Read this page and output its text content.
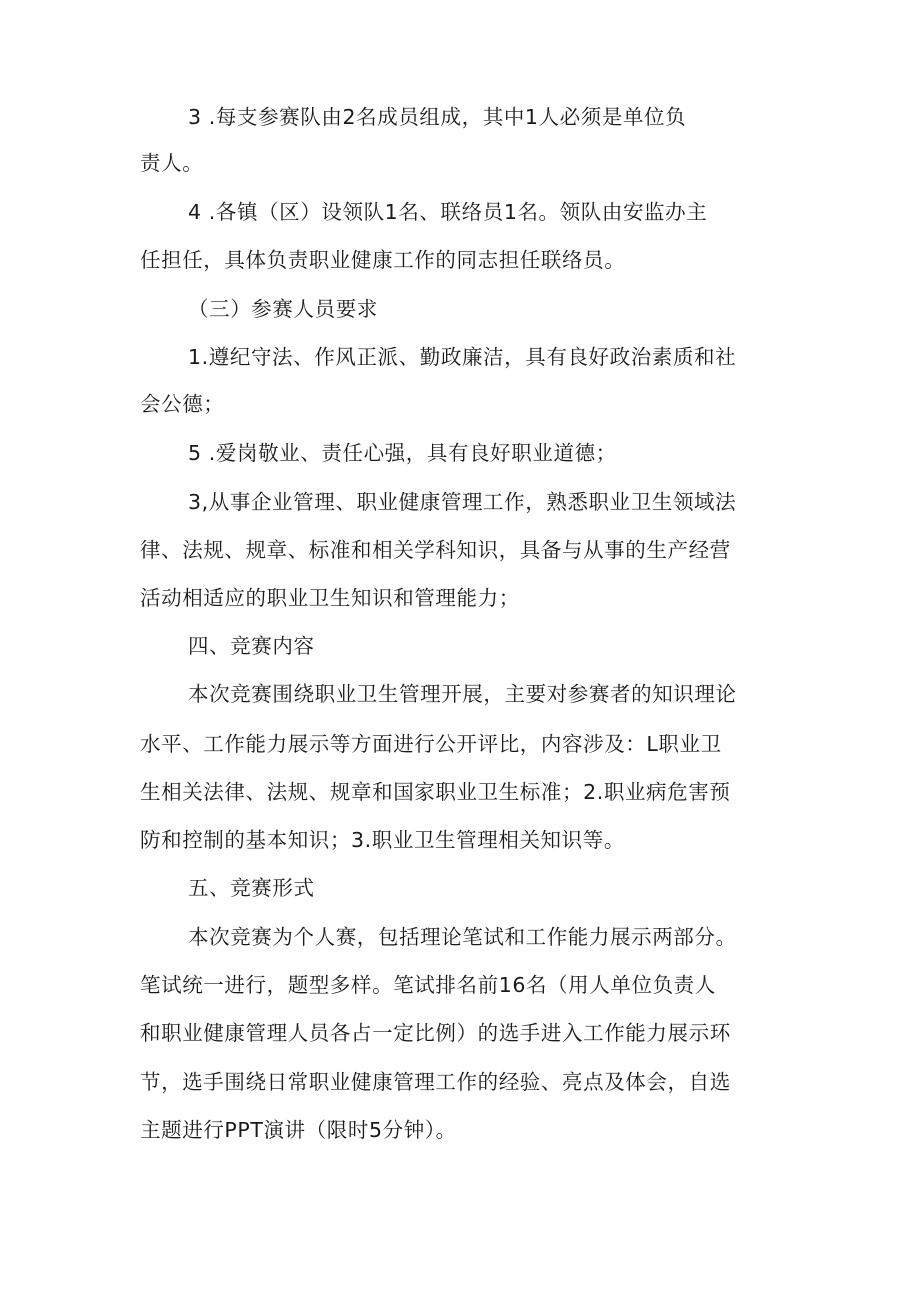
3 .每支参赛队由2名成员组成，其中1人必须是单位负

责人。

4 .各镇（区）设领队1名、联络员1名。领队由安监办主

任担任，具体负责职业健康工作的同志担任联络员。

（三）参赛人员要求

1.遵纪守法、作风正派、勤政廉洁，具有良好政治素质和社

会公德；

5 .爱岗敬业、责任心强，具有良好职业道德；

3,从事企业管理、职业健康管理工作，熟悉职业卫生领域法

律、法规、规章、标准和相关学科知识，具备与从事的生产经营

活动相适应的职业卫生知识和管理能力；

四、竞赛内容

本次竞赛围绕职业卫生管理开展，主要对参赛者的知识理论

水平、工作能力展示等方面进行公开评比，内容涉及：L职业卫

生相关法律、法规、规章和国家职业卫生标准；2.职业病危害预

防和控制的基本知识；3.职业卫生管理相关知识等。

五、竞赛形式

本次竞赛为个人赛，包括理论笔试和工作能力展示两部分。

笔试统一进行，题型多样。笔试排名前16名（用人单位负责人

和职业健康管理人员各占一定比例）的选手进入工作能力展示环

节，选手围绕日常职业健康管理工作的经验、亮点及体会，自选

主题进行PPT演讲（限时5分钟）。
